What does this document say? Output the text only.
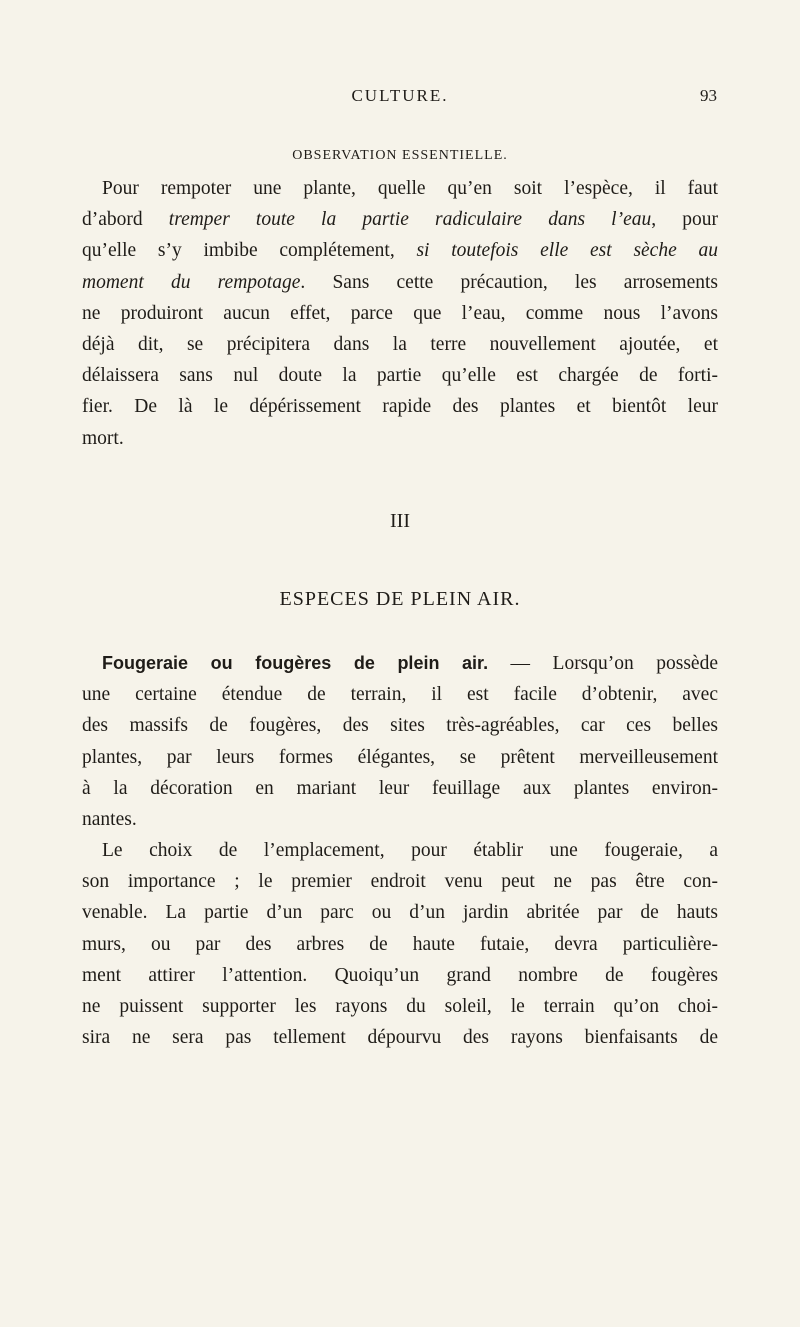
CULTURE.	93
OBSERVATION ESSENTIELLE.
Pour rempoter une plante, quelle qu’en soit l’espèce, il faut
d’abord tremper toute la partie radiculaire dans l’eau, pour
qu’elle s’y imbibe complétement, si toutefois elle est sèche au
moment du rempotage. Sans cette précaution, les arrosements
ne produiront aucun effet, parce que l’eau, comme nous l’avons
déjà dit, se précipitera dans la terre nouvellement ajoutée, et
délaissera sans nul doute la partie qu’elle est chargée de forti-
fier. De là le dépérissement rapide des plantes et bientôt leur
mort.
III
ESPECES DE PLEIN AIR.
Fougeraie ou fougères de plein air. — Lorsqu’on possède
une certaine étendue de terrain, il est facile d’obtenir, avec
des massifs de fougères, des sites très-agréables, car ces belles
plantes, par leurs formes élégantes, se prêtent merveilleusement
à la décoration en mariant leur feuillage aux plantes environ-
nantes.
Le choix de l’emplacement, pour établir une fougeraie, a
son importance ; le premier endroit venu peut ne pas être con-
venable. La partie d’un parc ou d’un jardin abritée par de hauts
murs, ou par des arbres de haute futaie, devra particulière-
ment attirer l’attention. Quoiqu’un grand nombre de fougères
ne puissent supporter les rayons du soleil, le terrain qu’on choi-
sira ne sera pas tellement dépourvu des rayons bienfaisants de
